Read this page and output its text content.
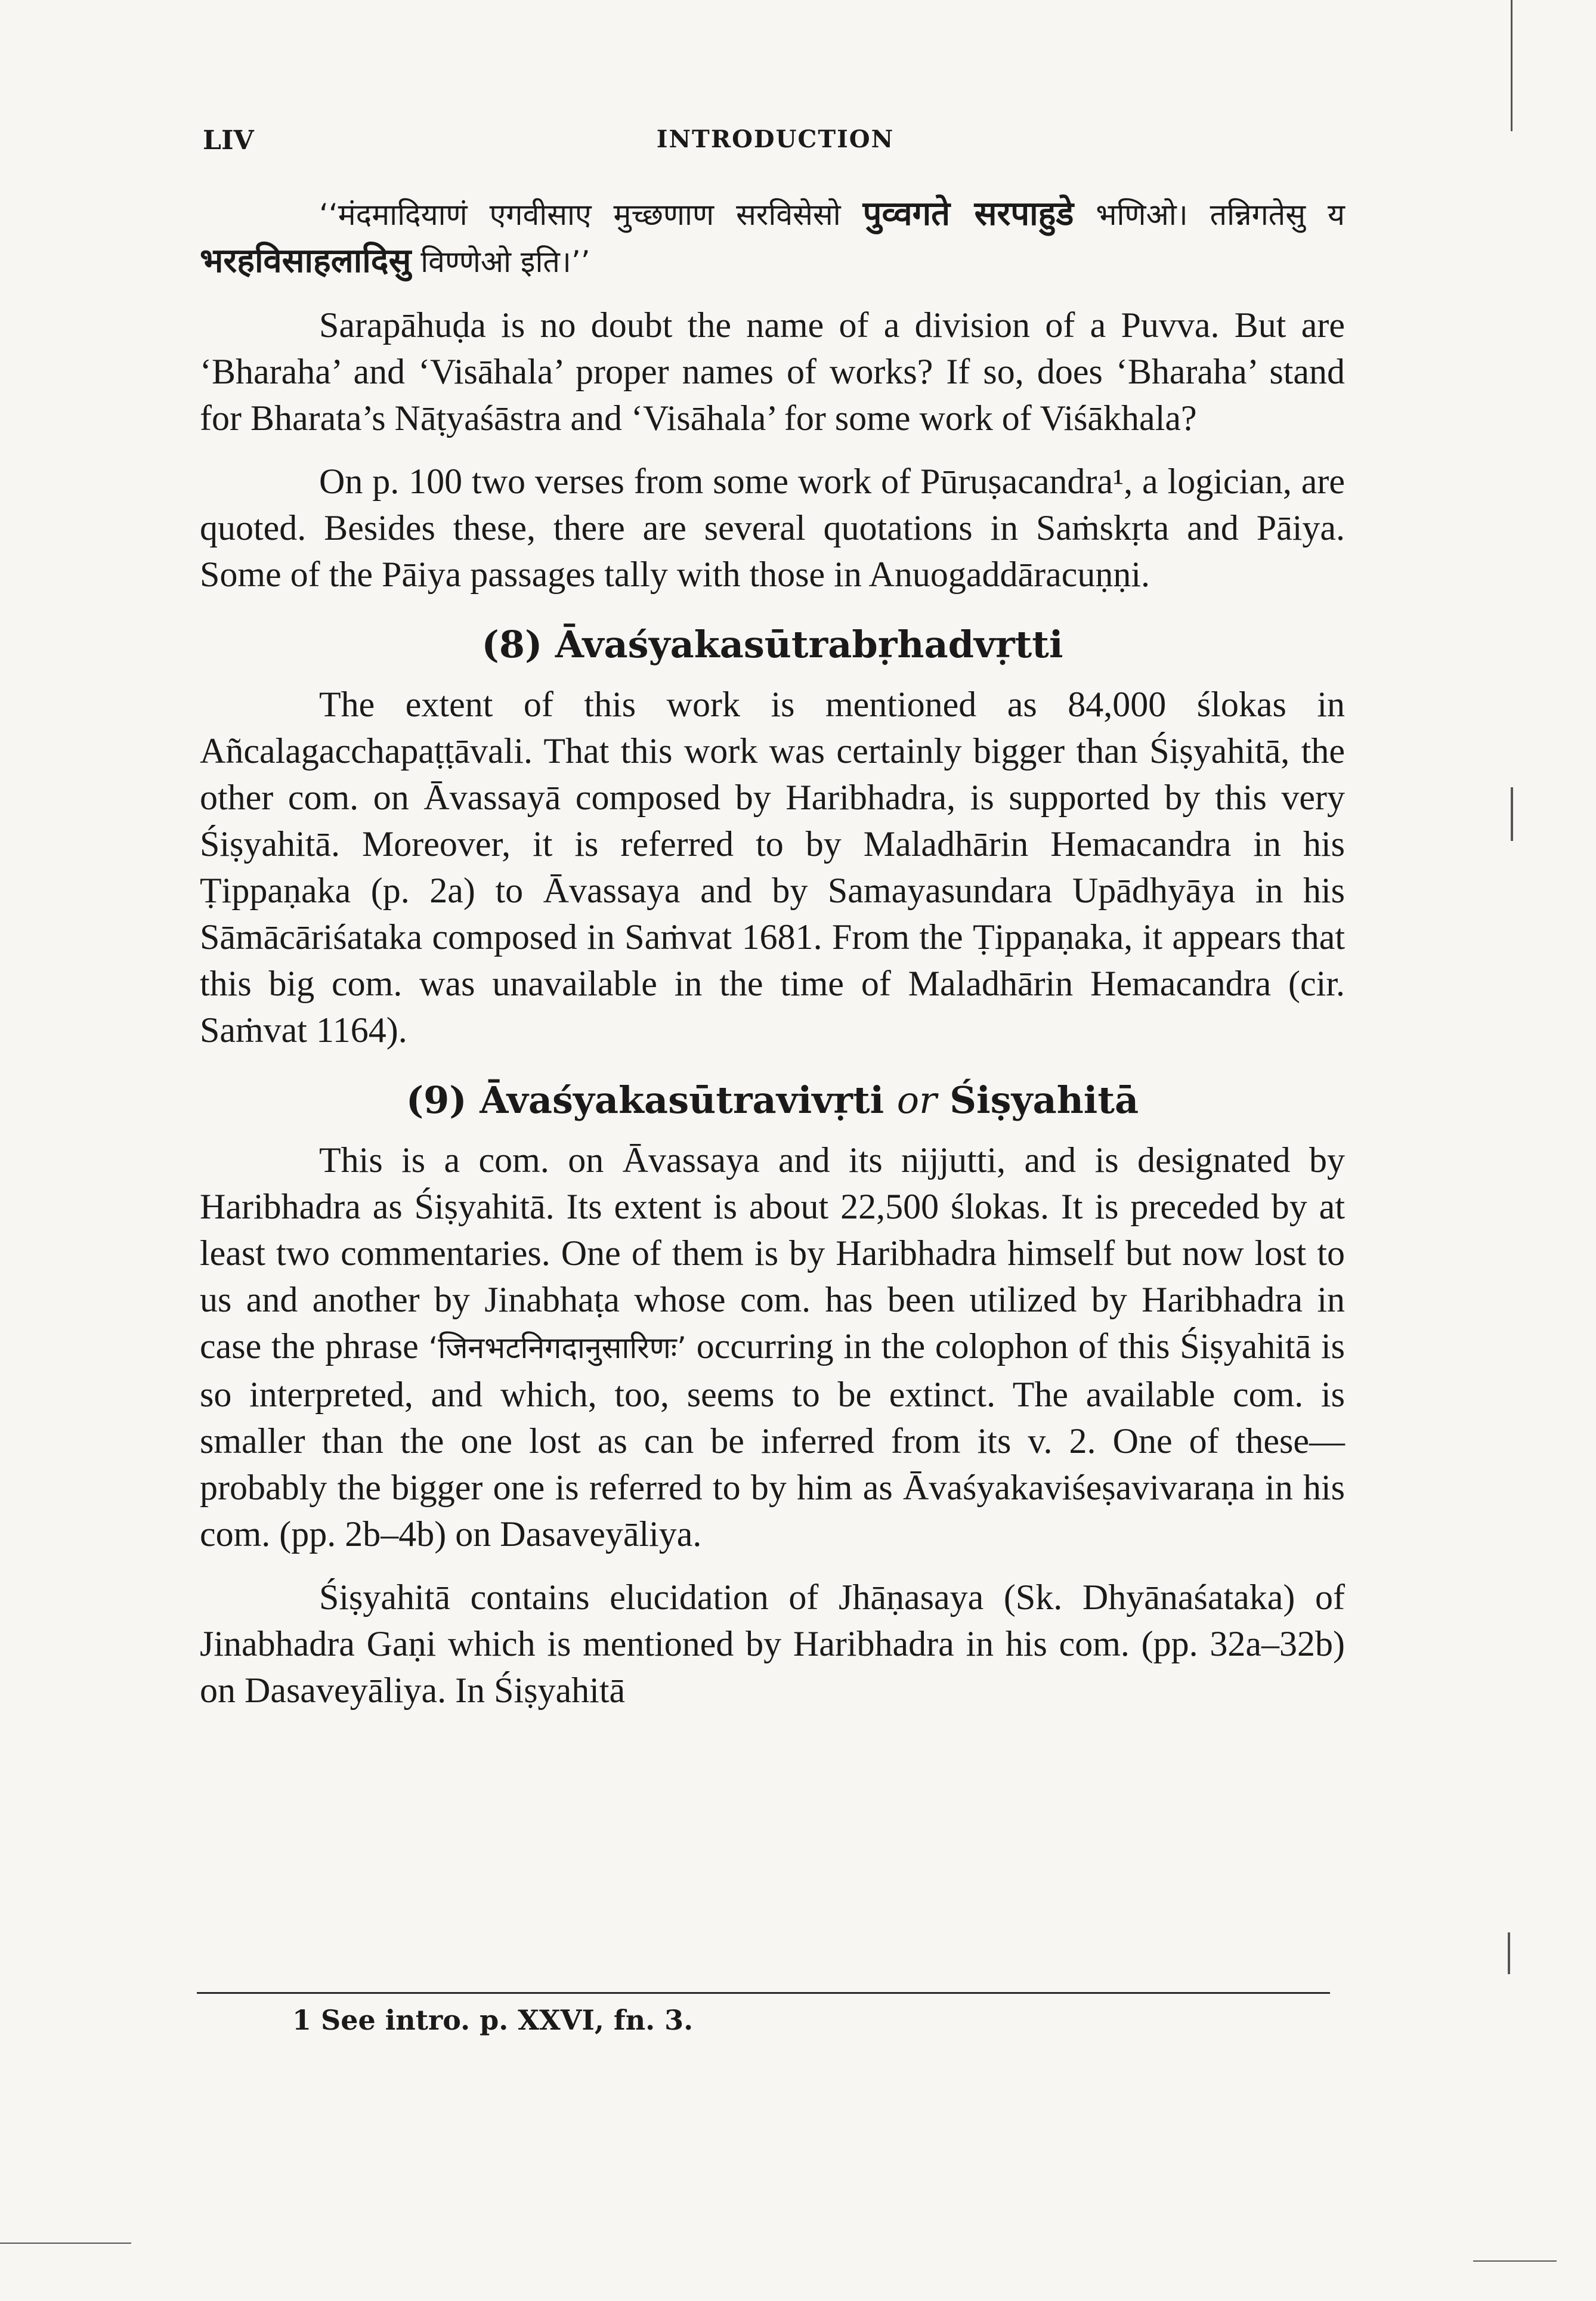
LIV	INTRODUCTION

‘‘मंदमादियाणं एगवीसाए मुच्छणाण सरविसेसो पुव्वगते सरपाहुडे भणिओ। तन्निगतेसु य भरहविसाहलादिसु विण्णेओ इति।’’

Sarapāhuḍa is no doubt the name of a division of a Puvva. But are ‘Bharaha’ and ‘Visāhala’ proper names of works? If so, does ‘Bharaha’ stand for Bharata’s Nāṭyaśāstra and ‘Visāhala’ for some work of Viśākhala?

On p. 100 two verses from some work of Pūruṣacandra¹, a logician, are quoted. Besides these, there are several quotations in Saṁskṛta and Pāiya. Some of the Pāiya passages tally with those in Anuogaddāracuṇṇi.

(8) Āvaśyakasūtrabṛhadvṛtti

The extent of this work is mentioned as 84,000 ślokas in Añcalagacchapaṭṭāvali. That this work was certainly bigger than Śiṣyahitā, the other com. on Āvassayā composed by Haribhadra, is supported by this very Śiṣyahitā. Moreover, it is referred to by Maladhārin Hemacandra in his Ṭippaṇaka (p. 2a) to Āvassaya and by Samayasundara Upādhyāya in his Sāmācāriśataka composed in Saṁvat 1681. From the Ṭippaṇaka, it appears that this big com. was unavailable in the time of Maladhārin Hemacandra (cir. Saṁvat 1164).

(9) Āvaśyakasūtravivṛti or Śiṣyahitā

This is a com. on Āvassaya and its nijjutti, and is designated by Haribhadra as Śiṣyahitā. Its extent is about 22,500 ślokas. It is preceded by at least two commentaries. One of them is by Haribhadra himself but now lost to us and another by Jinabhaṭa whose com. has been utilized by Haribhadra in case the phrase ‘जिनभटनिगदानुसारिणः’ occurring in the colophon of this Śiṣyahitā is so interpreted, and which, too, seems to be extinct. The available com. is smaller than the one lost as can be inferred from its v. 2. One of these—probably the bigger one is referred to by him as Āvaśyakaviśeṣavivaraṇa in his com. (pp. 2b–4b) on Dasaveyāliya.

Śiṣyahitā contains elucidation of Jhāṇasaya (Sk. Dhyānaśataka) of Jinabhadra Gaṇi which is mentioned by Haribhadra in his com. (pp. 32a–32b) on Dasaveyāliya. In Śiṣyahitā

1 See intro. p. XXVI, fn. 3.
